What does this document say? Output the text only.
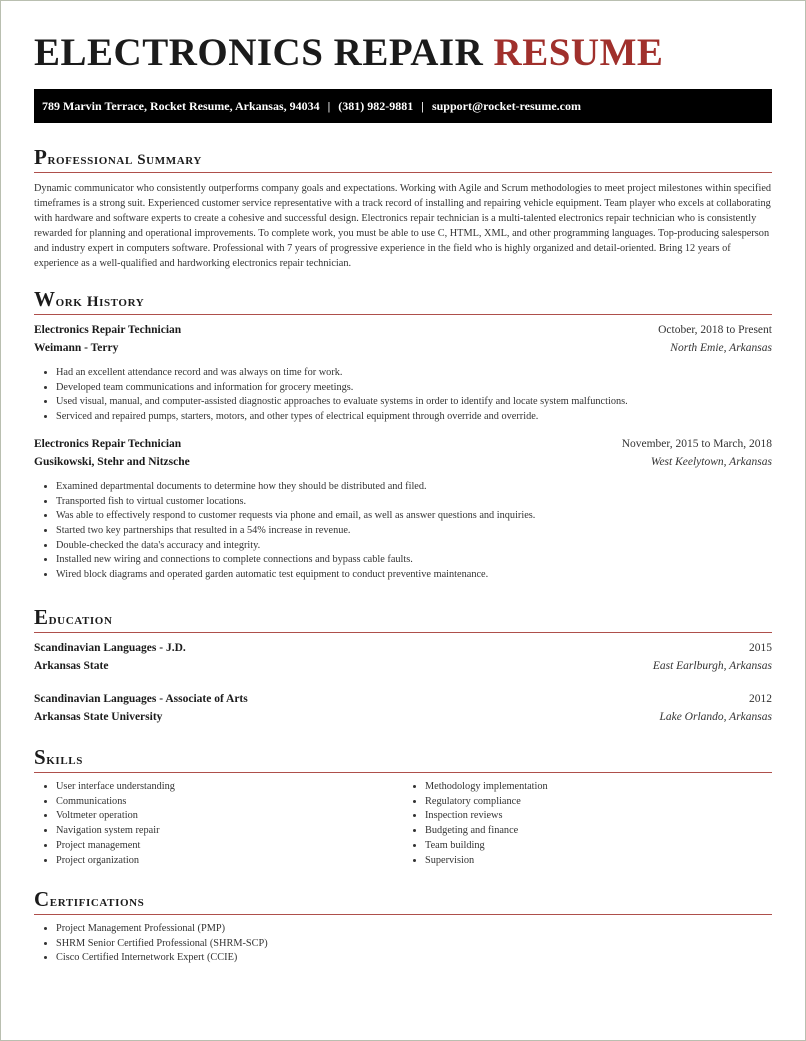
ELECTRONICS REPAIR RESUME
789 Marvin Terrace, Rocket Resume, Arkansas, 94034 | (381) 982-9881 | support@rocket-resume.com
Professional Summary
Dynamic communicator who consistently outperforms company goals and expectations. Working with Agile and Scrum methodologies to meet project milestones within specified timeframes is a strong suit. Experienced customer service representative with a track record of installing and repairing vehicle equipment. Team player who excels at collaborating with hardware and software experts to create a cohesive and successful design. Electronics repair technician is a multi-talented electronics repair technician who is consistently rewarded for planning and operational improvements. To complete work, you must be able to use C, HTML, XML, and other programming languages. Top-producing salesperson and industry expert in computers software. Professional with 7 years of progressive experience in the field who is highly organized and detail-oriented. Bring 12 years of experience as a well-qualified and hardworking electronics repair technician.
Work History
Electronics Repair Technician	October, 2018 to Present
Weimann - Terry	North Emie, Arkansas
• Had an excellent attendance record and was always on time for work.
• Developed team communications and information for grocery meetings.
• Used visual, manual, and computer-assisted diagnostic approaches to evaluate systems in order to identify and locate system malfunctions.
• Serviced and repaired pumps, starters, motors, and other types of electrical equipment through override and override.
Electronics Repair Technician	November, 2015 to March, 2018
Gusikowski, Stehr and Nitzsche	West Keelytown, Arkansas
• Examined departmental documents to determine how they should be distributed and filed.
• Transported fish to virtual customer locations.
• Was able to effectively respond to customer requests via phone and email, as well as answer questions and inquiries.
• Started two key partnerships that resulted in a 54% increase in revenue.
• Double-checked the data's accuracy and integrity.
• Installed new wiring and connections to complete connections and bypass cable faults.
• Wired block diagrams and operated garden automatic test equipment to conduct preventive maintenance.
Education
Scandinavian Languages - J.D.	2015
Arkansas State	East Earlburgh, Arkansas
Scandinavian Languages - Associate of Arts	2012
Arkansas State University	Lake Orlando, Arkansas
Skills
• User interface understanding
• Communications
• Voltmeter operation
• Navigation system repair
• Project management
• Project organization
• Methodology implementation
• Regulatory compliance
• Inspection reviews
• Budgeting and finance
• Team building
• Supervision
Certifications
• Project Management Professional (PMP)
• SHRM Senior Certified Professional (SHRM-SCP)
• Cisco Certified Internetwork Expert (CCIE)
